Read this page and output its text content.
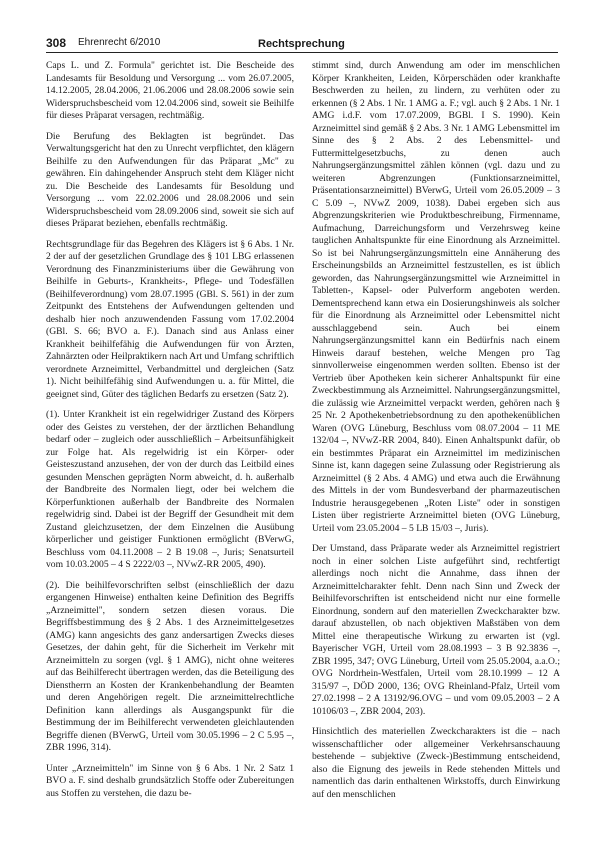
308 Ehrenrecht 6/2010	Rechtsprechung

Caps L. und Z. Formula" gerichtet ist. Die Bescheide des Landesamts für Besoldung und Versorgung ... vom 26.07.2005, 14.12.2005, 28.04.2006, 21.06.2006 und 28.08.2006 sowie sein Widerspruchsbescheid vom 12.04.2006 sind, soweit sie Beihilfe für dieses Präparat versagen, rechtmäßig.

Die Berufung des Beklagten ist begründet. Das Verwaltungsgericht hat den zu Unrecht verpflichtet, den klägern Beihilfe zu den Aufwendungen für das Präparat „Mc" zu gewähren. Ein dahingehender Anspruch steht dem Kläger nicht zu. Die Bescheide des Landesamts für Besoldung und Versorgung ... vom 22.02.2006 und 28.08.2006 und sein Widerspruchsbescheid vom 28.09.2006 sind, soweit sie sich auf dieses Präparat beziehen, ebenfalls rechtmäßig.

Rechtsgrundlage für das Begehren des Klägers ist § 6 Abs. 1 Nr. 2 der auf der gesetzlichen Grundlage des § 101 LBG erlassenen Verordnung des Finanzministeriums über die Gewährung von Beihilfe in Geburts-, Krankheits-, Pflege- und Todesfällen (Beihilfeverordnung) vom 28.07.1995 (GBl. S. 561) in der zum Zeitpunkt des Entstehens der Aufwendungen geltenden und deshalb hier noch anzuwendenden Fassung vom 17.02.2004 (GBl. S. 66; BVO a. F.). Danach sind aus Anlass einer Krankheit beihilfefähig die Aufwendungen für von Ärzten, Zahnärzten oder Heilpraktikern nach Art und Umfang schriftlich verordnete Arzneimittel, Verbandmittel und dergleichen (Satz 1). Nicht beihilfefähig sind Aufwendungen u. a. für Mittel, die geeignet sind, Güter des täglichen Bedarfs zu ersetzen (Satz 2).

(1). Unter Krankheit ist ein regelwidriger Zustand des Körpers oder des Geistes zu verstehen, der der ärztlichen Behandlung bedarf oder – zugleich oder ausschließlich – Arbeitsunfähigkeit zur Folge hat. Als regelwidrig ist ein Körper- oder Geisteszustand anzusehen, der von der durch das Leitbild eines gesunden Menschen geprägten Norm abweicht, d. h. außerhalb der Bandbreite des Normalen liegt, oder bei welchem die Körperfunktionen außerhalb der Bandbreite des Normalen regelwidrig sind. Dabei ist der Begriff der Gesundheit mit dem Zustand gleichzusetzen, der dem Einzelnen die Ausübung körperlicher und geistiger Funktionen ermöglicht (BVerwG, Beschluss vom 04.11.2008 – 2 B 19.08 –, Juris; Senatsurteil vom 10.03.2005 – 4 S 2222/03 –, NVwZ-RR 2005, 490).

(2). Die beihilfevorschriften selbst (einschließlich der dazu ergangenen Hinweise) enthalten keine Definition des Begriffs „Arzneimittel", sondern setzen diesen voraus. Die Begriffsbestimmung des § 2 Abs. 1 des Arzneimittelgesetzes (AMG) kann angesichts des ganz andersartigen Zwecks dieses Gesetzes, der dahin geht, für die Sicherheit im Verkehr mit Arzneimitteln zu sorgen (vgl. § 1 AMG), nicht ohne weiteres auf das Beihilferecht übertragen werden, das die Beteiligung des Dienstherrn an Kosten der Krankenbehandlung der Beamten und deren Angehörigen regelt. Die arzneimittelrechtliche Definition kann allerdings als Ausgangspunkt für die Bestimmung der im Beihilferecht verwendeten gleichlautenden Begriffe dienen (BVerwG, Urteil vom 30.05.1996 – 2 C 5.95 –, ZBR 1996, 314).

Unter „Arzneimitteln" im Sinne von § 6 Abs. 1 Nr. 2 Satz 1 BVO a. F. sind deshalb grundsätzlich Stoffe oder Zubereitungen aus Stoffen zu verstehen, die dazu be-

stimmt sind, durch Anwendung am oder im menschlichen Körper Krankheiten, Leiden, Körperschäden oder krankhafte Beschwerden zu heilen, zu lindern, zu verhüten oder zu erkennen (§ 2 Abs. 1 Nr. 1 AMG a. F.; vgl. auch § 2 Abs. 1 Nr. 1 AMG i.d.F. vom 17.07.2009, BGBl. I S. 1990). Kein Arzneimittel sind gemäß § 2 Abs. 3 Nr. 1 AMG Lebensmittel im Sinne des § 2 Abs. 2 des Lebensmittel- und Futtermittelgesetzbuchs, zu denen auch Nahrungsergänzungsmittel zählen können (vgl. dazu und zu weiteren Abgrenzungen (Funktionsarzneimittel, Präsentationsarzneimittel) BVerwG, Urteil vom 26.05.2009 – 3 C 5.09 –, NVwZ 2009, 1038). Dabei ergeben sich aus Abgrenzungskriterien wie Produktbeschreibung, Firmenname, Aufmachung, Darreichungsform und Verzehrsweg keine tauglichen Anhaltspunkte für eine Einordnung als Arzneimittel. So ist bei Nahrungsergänzungsmitteln eine Annäherung des Erscheinungsbilds an Arzneimittel festzustellen, es ist üblich geworden, das Nahrungsergänzungsmittel wie Arzneimittel in Tabletten-, Kapsel- oder Pulverform angeboten werden. Dementsprechend kann etwa ein Dosierungshinweis als solcher für die Einordnung als Arzneimittel oder Lebensmittel nicht ausschlaggebend sein. Auch bei einem Nahrungsergänzungsmittel kann ein Bedürfnis nach einem Hinweis darauf bestehen, welche Mengen pro Tag sinnvollerweise eingenommen werden sollten. Ebenso ist der Vertrieb über Apotheken kein sicherer Anhaltspunkt für eine Zweckbestimmung als Arzneimittel. Nahrungsergänzungsmittel, die zulässig wie Arzneimittel verpackt werden, gehören nach § 25 Nr. 2 Apothekenbetriebsordnung zu den apothekenüblichen Waren (OVG Lüneburg, Beschluss vom 08.07.2004 – 11 ME 132/04 –, NVwZ-RR 2004, 840). Einen Anhaltspunkt dafür, ob ein bestimmtes Präparat ein Arzneimittel im medizinischen Sinne ist, kann dagegen seine Zulassung oder Registrierung als Arzneimittel (§ 2 Abs. 4 AMG) und etwa auch die Erwähnung des Mittels in der vom Bundesverband der pharmazeutischen Industrie herausgegebenen „Roten Liste" oder in sonstigen Listen über registrierte Arzneimittel bieten (OVG Lüneburg, Urteil vom 23.05.2004 – 5 LB 15/03 –, Juris).

Der Umstand, dass Präparate weder als Arzneimittel registriert noch in einer solchen Liste aufgeführt sind, rechtfertigt allerdings noch nicht die Annahme, dass ihnen der Arzneimittelcharakter fehlt. Denn nach Sinn und Zweck der Beihilfevorschriften ist entscheidend nicht nur eine formelle Einordnung, sondern auf den materiellen Zweckcharakter bzw. darauf abzustellen, ob nach objektiven Maßstäben von dem Mittel eine therapeutische Wirkung zu erwarten ist (vgl. Bayerischer VGH, Urteil vom 28.08.1993 – 3 B 92.3836 –, ZBR 1995, 347; OVG Lüneburg, Urteil vom 25.05.2004, a.a.O.; OVG Nordrhein-Westfalen, Urteil vom 28.10.1999 – 12 A 315/97 –, DÖD 2000, 136; OVG Rheinland-Pfalz, Urteil vom 27.02.1998 – 2 A 13192/96.OVG – und vom 09.05.2003 – 2 A 10106/03 –, ZBR 2004, 203).

Hinsichtlich des materiellen Zweckcharakters ist die – nach wissenschaftlicher oder allgemeiner Verkehrsanschauung bestehende – subjektive (Zweck-)Bestimmung entscheidend, also die Eignung des jeweils in Rede stehenden Mittels und namentlich das darin enthaltenen Wirkstoffs, durch Einwirkung auf den menschlichen
